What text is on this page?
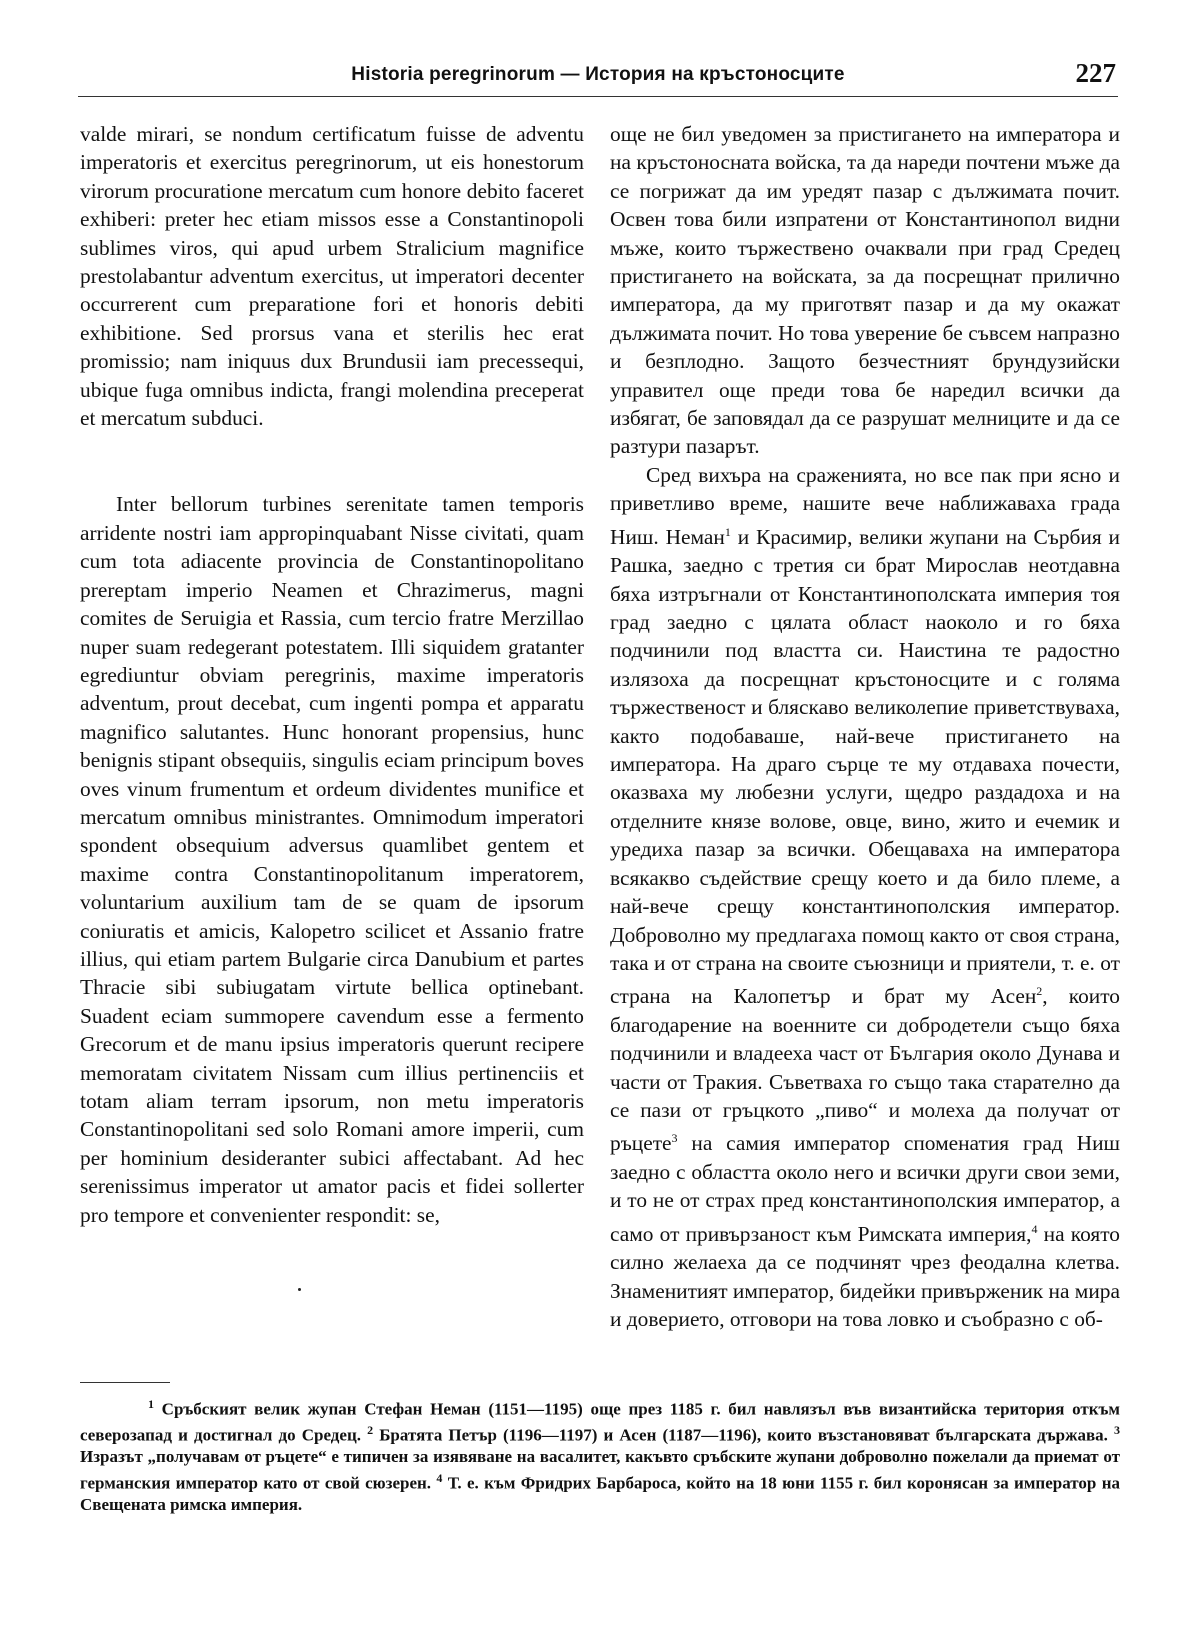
Historia peregrinorum — История на кръстоносците	227

valde mirari, se nondum certificatum fuisse de adventu imperatoris et exercitus peregrinorum, ut eis honestorum virorum procuratione mercatum cum honore debito faceret exhiberi: preter hec etiam missos esse a Constantinopoli sublimes viros, qui apud urbem Stralicium magnifice prestolabantur adventum exercitus, ut imperatori decenter occurrerent cum preparatione fori et honoris debiti exhibitione. Sed prorsus vana et sterilis hec erat promissio; nam iniquus dux Brundusii iam precessequi, ubique fuga omnibus indicta, frangi molendina preceperat et mercatum subduci.

Inter bellorum turbines serenitate tamen temporis arridente nostri iam appropinquabant Nisse civitati, quam cum tota adiacente provincia de Constantinopolitano prereptam imperio Neamen et Chrazimerus, magni comites de Seruigia et Rassia, cum tercio fratre Merzillao nuper suam redegerant potestatem. Illi siquidem gratanter egrediuntur obviam peregrinis, maxime imperatoris adventum, prout decebat, cum ingenti pompa et apparatu magnifico salutantes. Hunc honorant propensius, hunc benignis stipant obsequiis, singulis eciam principum boves oves vinum frumentum et ordeum dividentes munifice et mercatum omnibus ministrantes. Omnimodum imperatori spondent obsequium adversus quamlibet gentem et maxime contra Constantinopolitanum imperatorem, voluntarium auxilium tam de se quam de ipsorum coniuratis et amicis, Kalopetro scilicet et Assanio fratre illius, qui etiam partem Bulgarie circa Danubium et partes Thracie sibi subiugatam virtute bellica optinebant. Suadent eciam summopere cavendum esse a fermento Grecorum et de manu ipsius imperatoris querunt recipere memoratam civitatem Nissam cum illius pertinenciis et totam aliam terram ipsorum, non metu imperatoris Constantinopolitani sed solo Romani amore imperii, cum per hominium desideranter subici affectabant. Ad hec serenissimus imperator ut amator pacis et fidei sollerter pro tempore et convenienter respondit: se,

още не бил уведомен за пристигането на императора и на кръстоносната войска, та да нареди почтени мъже да се погрижат да им уредят пазар с дължимата почит. Освен това били изпратени от Константинопол видни мъже, които тържествено очаквали при град Средец пристигането на войската, за да посрещнат прилично императора, да му приготвят пазар и да му окажат дължимата почит. Но това уверение бе съвсем напразно и безплодно. Защото безчестният брундузийски управител още преди това бе наредил всички да избягат, бе заповядал да се разрушат мелниците и да се разтури пазарът.

Сред вихъра на сраженията, но все пак при ясно и приветливо време, нашите вече наближаваха града Ниш. Неман$^1$ и Красимир, велики жупани на Сърбия и Рашка, заедно с третия си брат Мирослав неотдавна бяха изтръгнали от Константинополската империя тоя град заедно с цялата област наоколо и го бяха подчинили под властта си. Наистина те радостно излязоха да посрещнат кръстоносците и с голяма тържественост и бляскаво великолепие приветствуваха, както подобаваше, най-вече пристигането на императора. На драго сърце те му отдаваха почести, оказваха му любезни услуги, щедро раздадоха и на отделните князе волове, овце, вино, жито и ечемик и уредиха пазар за всички. Обещаваха на императора всякакво съдействие срещу което и да било племе, а най-вече срещу константинополския император. Доброволно му предлагаха помощ както от своя страна, така и от страна на своите съюзници и приятели, т. е. от страна на Калопетър и брат му Асен$^2$, които благодарение на военните си добродетели също бяха подчинили и владееха част от България около Дунава и части от Тракия. Съветваха го също така старателно да се пази от гръцкото „пиво“ и молеха да получат от ръцете$^3$ на самия император споменатия град Ниш заедно с областта около него и всички други свои земи, и то не от страх пред константинополския император, а само от привързаност към Римската империя,$^4$ на която силно желаеха да се подчинят чрез феодална клетва. Знаменитият император, бидейки привърженик на мира и доверието, отговори на това ловко и съобразно с об-

$^1$ Сръбският велик жупан Стефан Неман (1151—1195) още през 1185 г. бил навлязъл във византийска територия откъм северозапад и достигнал до Средец. $^2$ Братята Петър (1196—1197) и Асен (1187—1196), които възстановяват българската държава. $^3$ Изразът „получавам от ръцете“ е типичен за изявяване на васалитет, какъвто сръбските жупани доброволно пожелали да приемат от германския император като от свой сюзерен. $^4$ Т. е. към Фридрих Барбароса, който на 18 юни 1155 г. бил коронясан за император на Свещената римска империя.
